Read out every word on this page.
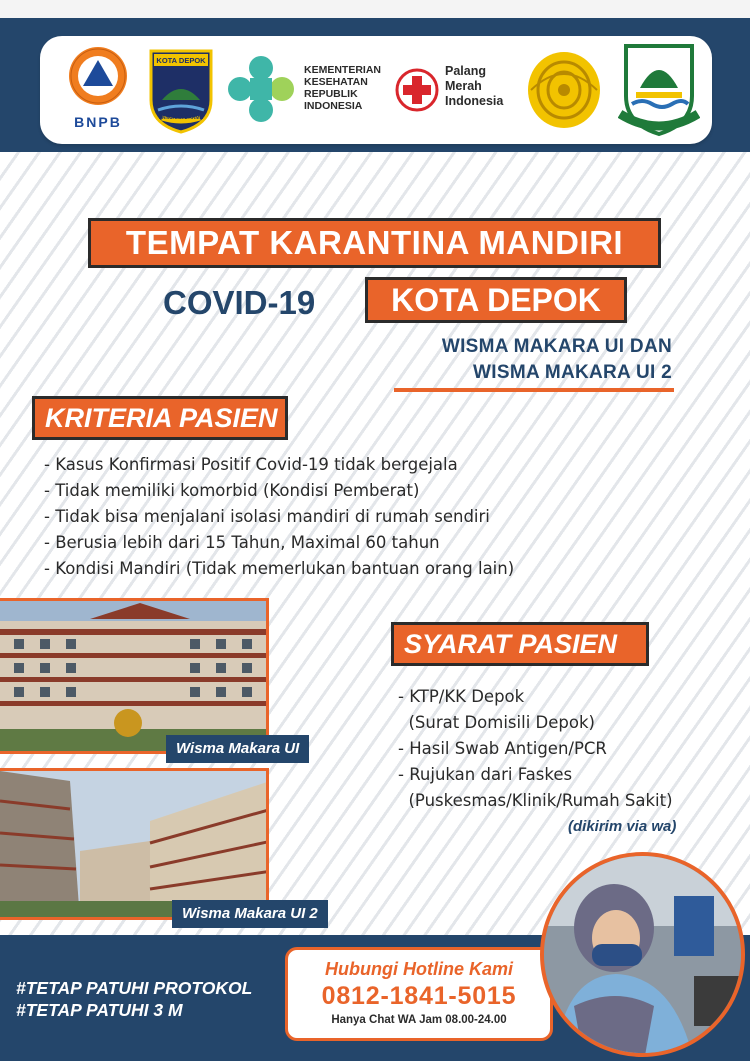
BNPB
KOTA DEPOK
PANCARA DARMA
KEMENTERIAN
KESEHATAN
REPUBLIK
INDONESIA
Palang
Merah
Indonesia
TEMPAT KARANTINA MANDIRI
COVID-19	KOTA DEPOK
WISMA MAKARA UI DAN
WISMA MAKARA UI 2
KRITERIA PASIEN
- Kasus Konfirmasi Positif Covid-19 tidak bergejala
- Tidak memiliki komorbid (Kondisi Pemberat)
- Tidak bisa menjalani isolasi mandiri di rumah sendiri
- Berusia lebih dari 15 Tahun, Maximal 60 tahun
- Kondisi Mandiri (Tidak memerlukan bantuan orang lain)
Wisma Makara UI
Wisma Makara UI 2
SYARAT PASIEN
- KTP/KK Depok
(Surat Domisili Depok)
- Hasil Swab Antigen/PCR
- Rujukan dari Faskes
(Puskesmas/Klinik/Rumah Sakit)
(dikirim via wa)
#TETAP PATUHI PROTOKOL
#TETAP PATUHI 3 M
Hubungi Hotline Kami
0812-1841-5015
Hanya Chat WA Jam 08.00-24.00
